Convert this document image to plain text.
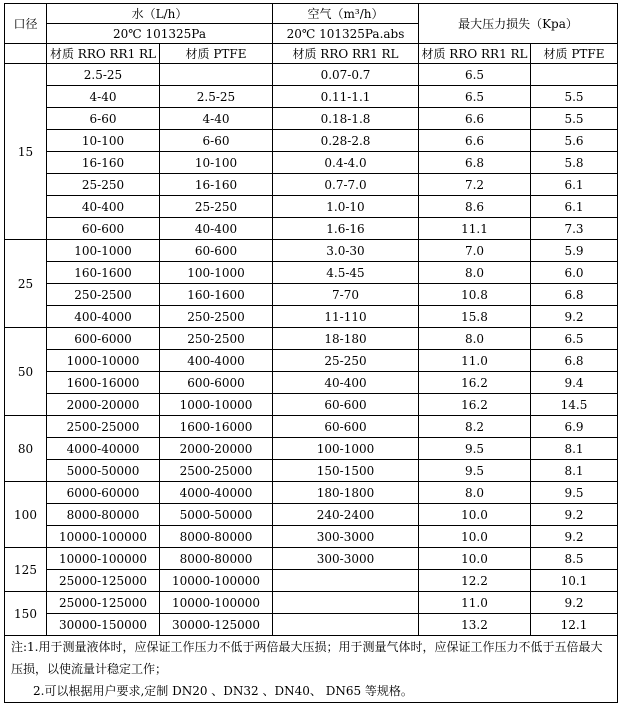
口径	水（L/h）		空气（m³/h）	最大压力损失（Kpa）	
	20℃ 101325Pa		20℃ 101325Pa.abs		
	材质 RRO RR1 RL	材质 PTFE	材质 RRO RR1 RL	材质 RRO RR1 RL	材质 PTFE
15	2.5-25		0.07-0.7	6.5	
	4-40	2.5-25	0.11-1.1	6.5	5.5
	6-60	4-40	0.18-1.8	6.6	5.5
	10-100	6-60	0.28-2.8	6.6	5.6
	16-160	10-100	0.4-4.0	6.8	5.8
	25-250	16-160	0.7-7.0	7.2	6.1
	40-400	25-250	1.0-10	8.6	6.1
	60-600	40-400	1.6-16	11.1	7.3
25	100-1000	60-600	3.0-30	7.0	5.9
	160-1600	100-1000	4.5-45	8.0	6.0
	250-2500	160-1600	7-70	10.8	6.8
	400-4000	250-2500	11-110	15.8	9.2
50	600-6000	250-2500	18-180	8.0	6.5
	1000-10000	400-4000	25-250	11.0	6.8
	1600-16000	600-6000	40-400	16.2	9.4
	2000-20000	1000-10000	60-600	16.2	14.5
80	2500-25000	1600-16000	60-600	8.2	6.9
	4000-40000	2000-20000	100-1000	9.5	8.1
	5000-50000	2500-25000	150-1500	9.5	8.1
100	6000-60000	4000-40000	180-1800	8.0	9.5
	8000-80000	5000-50000	240-2400	10.0	9.2
	10000-100000	8000-80000	300-3000	10.0	9.2
125	10000-100000	8000-80000	300-3000	10.0	8.5
	25000-125000	10000-100000		12.2	10.1
150	25000-125000	10000-100000		11.0	9.2
	30000-150000	30000-125000		13.2	12.1
注:1.用于测量液体时，应保证工作压力不低于两倍最大压损；用于测量气体时，应保证工作压力不低于五倍最大压损，以使流量计稳定工作；
2.可以根据用户要求,定制 DN20 、DN32 、DN40、 DN65 等规格。					
